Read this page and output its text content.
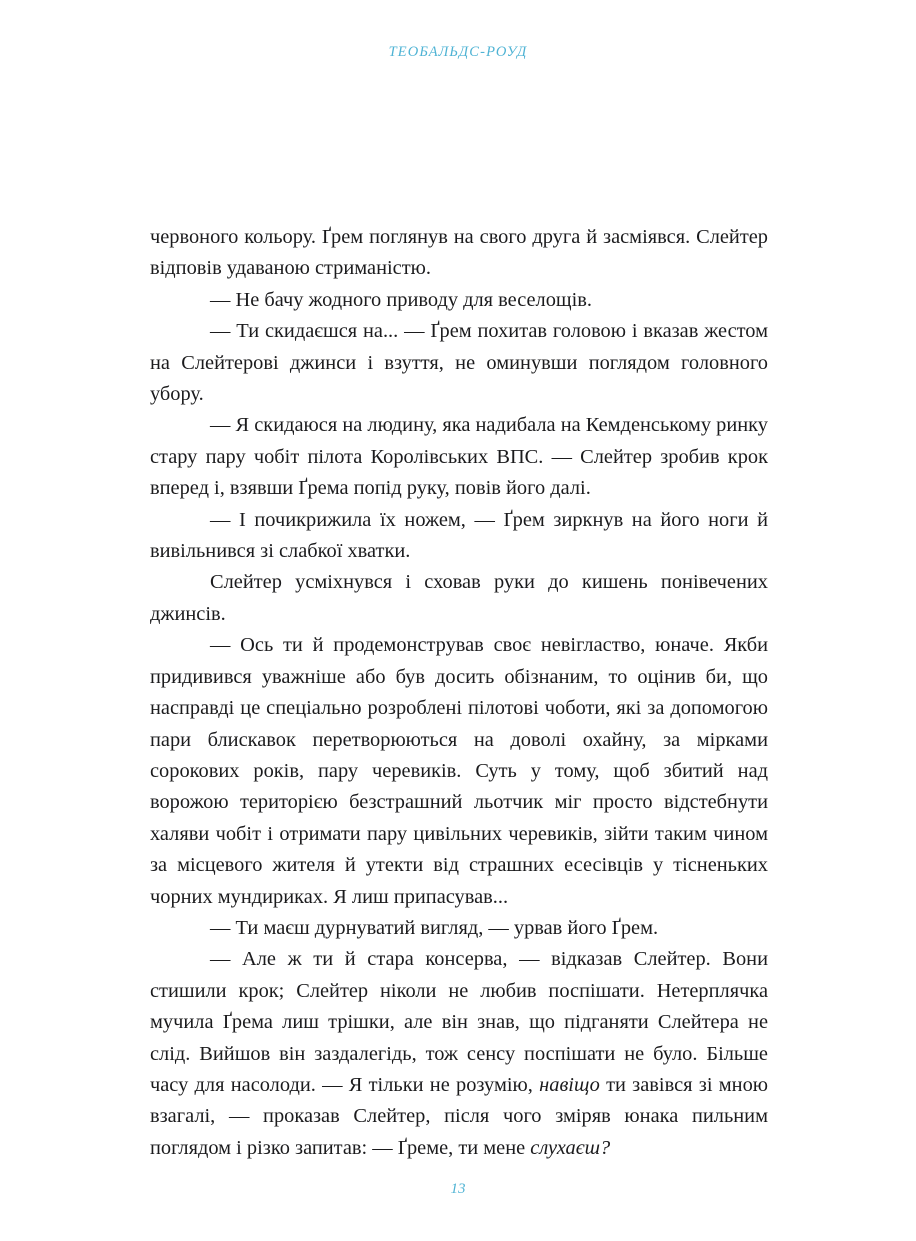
ТЕОБАЛЬДС-РОУД

червоного кольору. Ґрем поглянув на свого друга й засміявся. Слейтер відповів удаваною стриманістю.

— Не бачу жодного приводу для веселощів.

— Ти скидаєшся на... — Ґрем похитав головою і вказав жестом на Слейтерові джинси і взуття, не оминувши поглядом головного убору.

— Я скидаюся на людину, яка надибала на Кемденському ринку стару пару чобіт пілота Королівських ВПС. — Слейтер зробив крок вперед і, взявши Ґрема попід руку, повів його далі.

— І почикрижила їх ножем, — Ґрем зиркнув на його ноги й вивільнився зі слабкої хватки.

Слейтер усміхнувся і сховав руки до кишень понівечених джинсів.

— Ось ти й продемонстрував своє невігластво, юначе. Якби придивився уважніше або був досить обізнаним, то оцінив би, що насправді це спеціально розроблені пілотові чоботи, які за допомогою пари блискавок перетворюються на доволі охайну, за мірками сорокових років, пару черевиків. Суть у тому, щоб збитий над ворожою територією безстрашний льотчик міг просто відстебнути халяви чобіт і отримати пару цивільних черевиків, зійти таким чином за місцевого жителя й утекти від страшних есесівців у тісненьких чорних мундириках. Я лиш припасував...

— Ти маєш дурнуватий вигляд, — урвав його Ґрем.

— Але ж ти й стара консерва, — відказав Слейтер. Вони стишили крок; Слейтер ніколи не любив поспішати. Нетерплячка мучила Ґрема лиш трішки, але він знав, що підганяти Слейтера не слід. Вийшов він заздалегідь, тож сенсу поспішати не було. Більше часу для насолоди. — Я тільки не розумію, навіщо ти завівся зі мною взагалі, — проказав Слейтер, після чого зміряв юнака пильним поглядом і різко запитав: — Ґреме, ти мене слухаєш?

13
